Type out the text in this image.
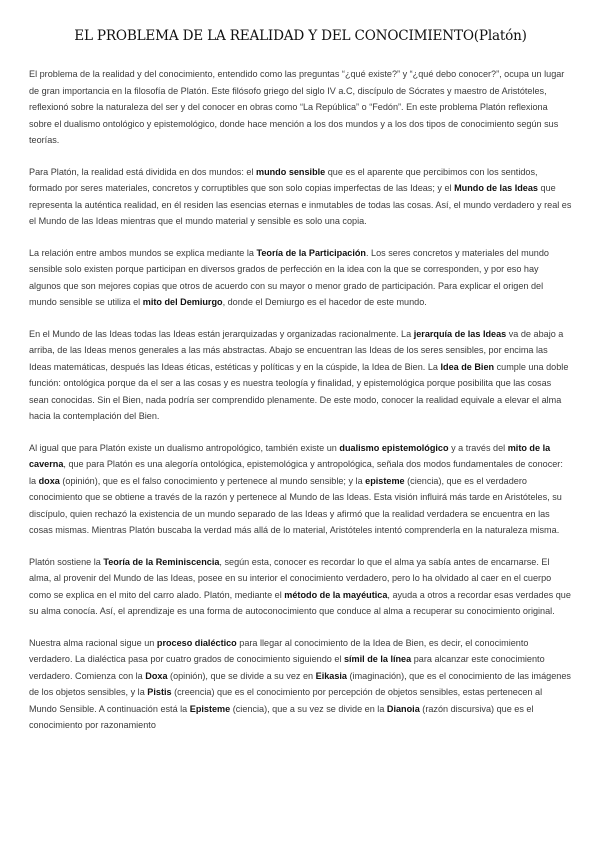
EL PROBLEMA DE LA REALIDAD Y DEL CONOCIMIENTO(Platón)

El problema de la realidad y del conocimiento, entendido como las preguntas “¿qué existe?” y “¿qué debo conocer?”, ocupa un lugar de gran importancia en la filosofía de Platón. Este filósofo griego del siglo IV a.C, discípulo de Sócrates y maestro de Aristóteles, reflexionó sobre la naturaleza del ser y del conocer en obras como “La República” o “Fedón”. En este problema Platón reflexiona sobre el dualismo ontológico y epistemológico, donde hace mención a los dos mundos y a los dos tipos de conocimiento según sus teorías.

Para Platón, la realidad está dividida en dos mundos: el mundo sensible que es el aparente que percibimos con los sentidos, formado por seres materiales, concretos y corruptibles que son solo copias imperfectas de las Ideas; y el Mundo de las Ideas que representa la auténtica realidad, en él residen las esencias eternas e inmutables de todas las cosas. Así, el mundo verdadero y real es el Mundo de las Ideas mientras que el mundo material y sensible es solo una copia.

La relación entre ambos mundos se explica mediante la Teoría de la Participación. Los seres concretos y materiales del mundo sensible solo existen porque participan en diversos grados de perfección en la idea con la que se corresponden, y por eso hay algunos que son mejores copias que otros de acuerdo con su mayor o menor grado de participación. Para explicar el origen del mundo sensible se utiliza el mito del Demiurgo, donde el Demiurgo es el hacedor de este mundo.

En el Mundo de las Ideas todas las Ideas están jerarquizadas y organizadas racionalmente. La jerarquía de las Ideas va de abajo a arriba, de las Ideas menos generales a las más abstractas. Abajo se encuentran las Ideas de los seres sensibles, por encima las Ideas matemáticas, después las Ideas éticas, estéticas y políticas y en la cúspide, la Idea de Bien. La Idea de Bien cumple una doble función: ontológica porque da el ser a las cosas y es nuestra teología y finalidad, y epistemológica porque posibilita que las cosas sean conocidas. Sin el Bien, nada podría ser comprendido plenamente. De este modo, conocer la realidad equivale a elevar el alma hacia la contemplación del Bien.

Al igual que para Platón existe un dualismo antropológico, también existe un dualismo epistemológico y a través del mito de la caverna, que para Platón es una alegoría ontológica, epistemológica y antropológica, señala dos modos fundamentales de conocer: la doxa (opinión), que es el falso conocimiento y pertenece al mundo sensible; y la episteme (ciencia), que es el verdadero conocimiento que se obtiene a través de la razón y pertenece al Mundo de las Ideas. Esta visión influirá más tarde en Aristóteles, su discípulo, quien rechazó la existencia de un mundo separado de las Ideas y afirmó que la realidad verdadera se encuentra en las cosas mismas. Mientras Platón buscaba la verdad más allá de lo material, Aristóteles intentó comprenderla en la naturaleza misma.

Platón sostiene la Teoría de la Reminiscencia, según esta, conocer es recordar lo que el alma ya sabía antes de encarnarse. El alma, al provenir del Mundo de las Ideas, posee en su interior el conocimiento verdadero, pero lo ha olvidado al caer en el cuerpo como se explica en el mito del carro alado. Platón, mediante el método de la mayéutica, ayuda a otros a recordar esas verdades que su alma conocía. Así, el aprendizaje es una forma de autoconocimiento que conduce al alma a recuperar su conocimiento original.

Nuestra alma racional sigue un proceso dialéctico para llegar al conocimiento de la Idea de Bien, es decir, el conocimiento verdadero. La dialéctica pasa por cuatro grados de conocimiento siguiendo el símil de la línea para alcanzar este conocimiento verdadero. Comienza con la Doxa (opinión), que se divide a su vez en Eikasia (imaginación), que es el conocimiento de las imágenes de los objetos sensibles, y la Pistis (creencia) que es el conocimiento por percepción de objetos sensibles, estas pertenecen al Mundo Sensible. A continuación está la Episteme (ciencia), que a su vez se divide en la Dianoia (razón discursiva) que es el conocimiento por razonamiento
